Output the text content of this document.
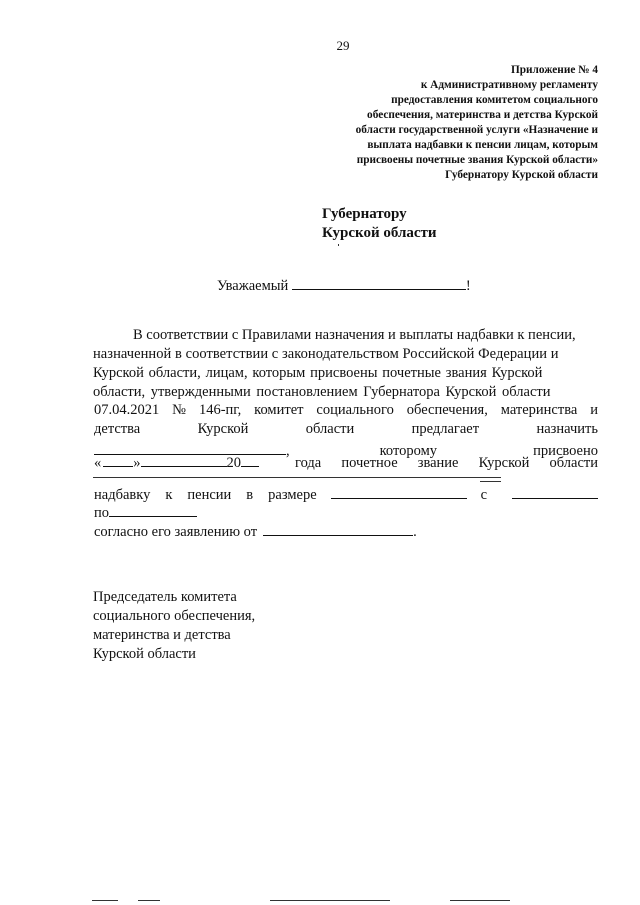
29
Приложение № 4
к Административному регламенту
предоставления комитетом социального
обеспечения, материнства и детства Курской
области государственной услуги «Назначение и
выплата надбавки к пенсии лицам, которым
присвоены почетные звания Курской области»
Губернатору Курской области
Губернатору
Курской области
Уважаемый	!
В соответствии с Правилами назначения и выплаты надбавки к пенсии,
назначенной в соответствии с законодательством Российской Федерации и
Курской области, лицам, которым присвоены почетные звания Курской
области, утвержденными постановлением Губернатора Курской области
07.04.2021 № 146-пг, комитет социального обеспечения, материнства и
детства	Курской	области	предлагает	назначить
,	которому	присвоено
« »	20	года почетное звание Курской области
надбавку к пенсии в размере	с
по
согласно его заявлению от	.
Председатель комитета
социального обеспечения,
материнства и детства
Курской области
